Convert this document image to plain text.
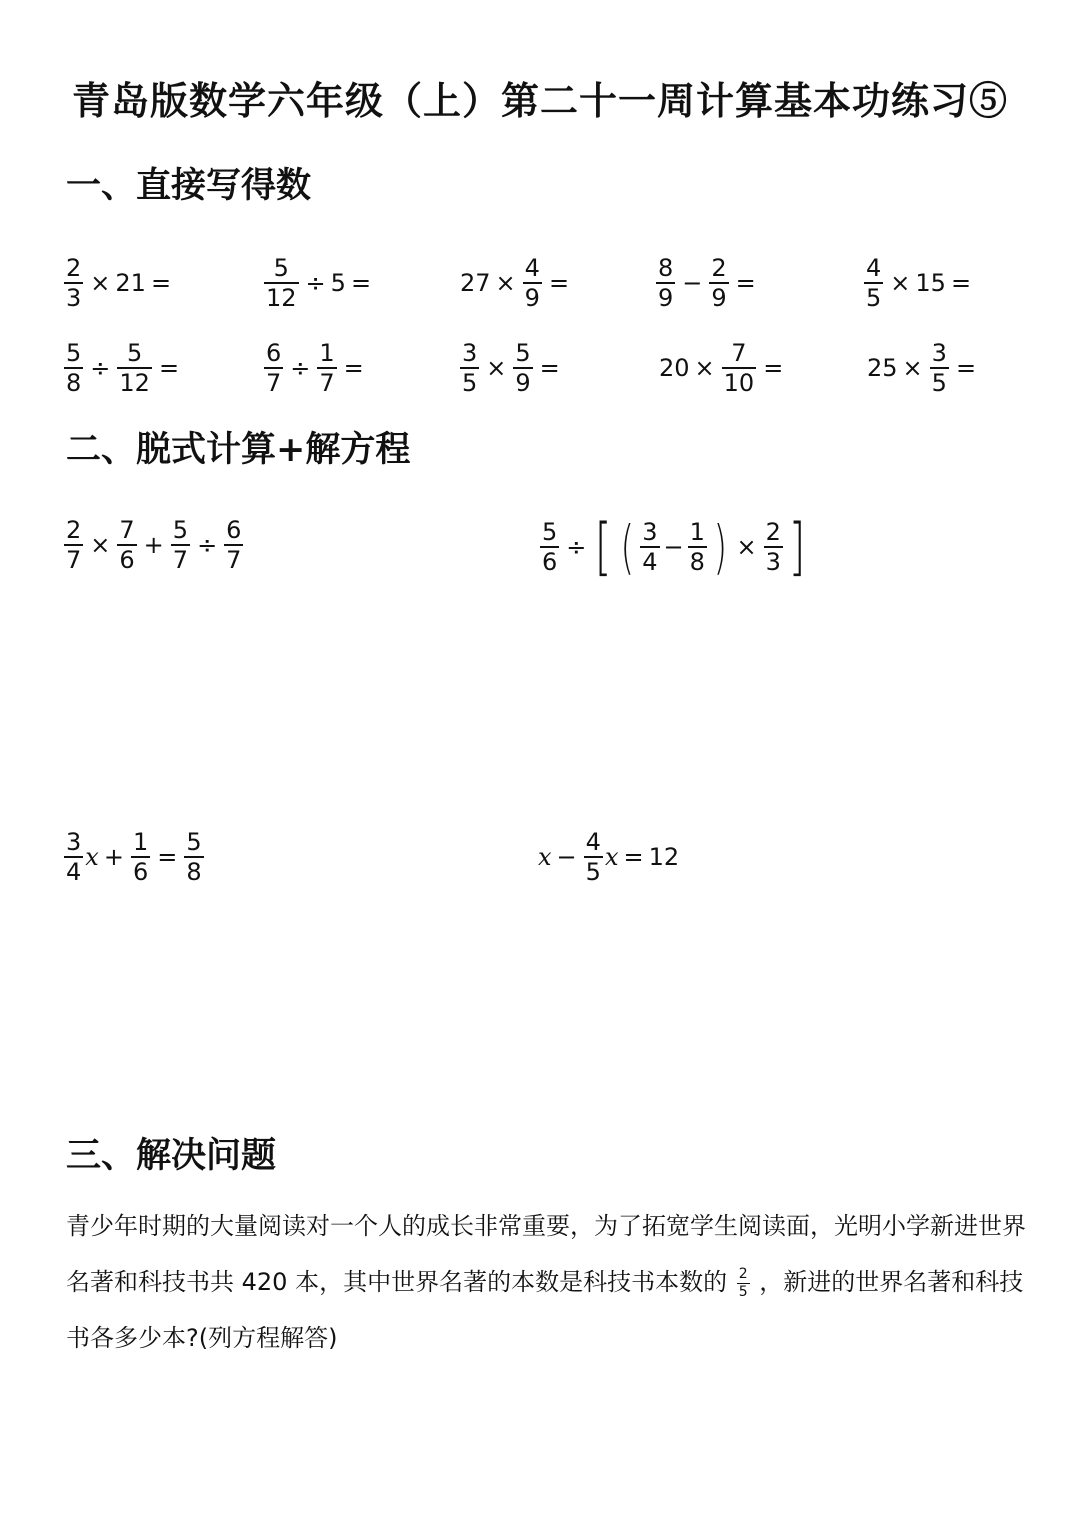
青岛版数学六年级（上）第二十一周计算基本功练习⑤
一、直接写得数
$\frac{2}{3} \times 21$ =	$\frac{5}{12} \div 5$ =	$27 \times \frac{4}{9}$ =	$\frac{8}{9} - \frac{2}{9}$ =	$\frac{4}{5} \times 15$ =
$\frac{5}{8} \div \frac{5}{12}$ =	$\frac{6}{7} \div \frac{1}{7}$ =	$\frac{3}{5} \times \frac{5}{9}$ =	$20 \times \frac{7}{10}$ =	$25 \times \frac{3}{5}$ =
二、脱式计算+解方程
$\frac{2}{7} \times \frac{7}{6} + \frac{5}{7} \div \frac{6}{7}$	$\frac{5}{6}$ ÷ [ ( $\frac{3}{4} - \frac{1}{8}$ ) × $\frac{2}{3}$ ]
$\frac{3}{4}$ $x + \frac{1}{6} = \frac{5}{8}$	$x - \frac{4}{5}$ x = 12
三、解决问题
青少年时期的大量阅读对一个人的成长非常重要，为了拓宽学生阅读面，光明小学新进世界名著和科技书共 420 本，其中世界名著的本数是科技书本数的 $\frac{2}{5}$ ，新进的世界名著和科技书各多少本?(列方程解答)
